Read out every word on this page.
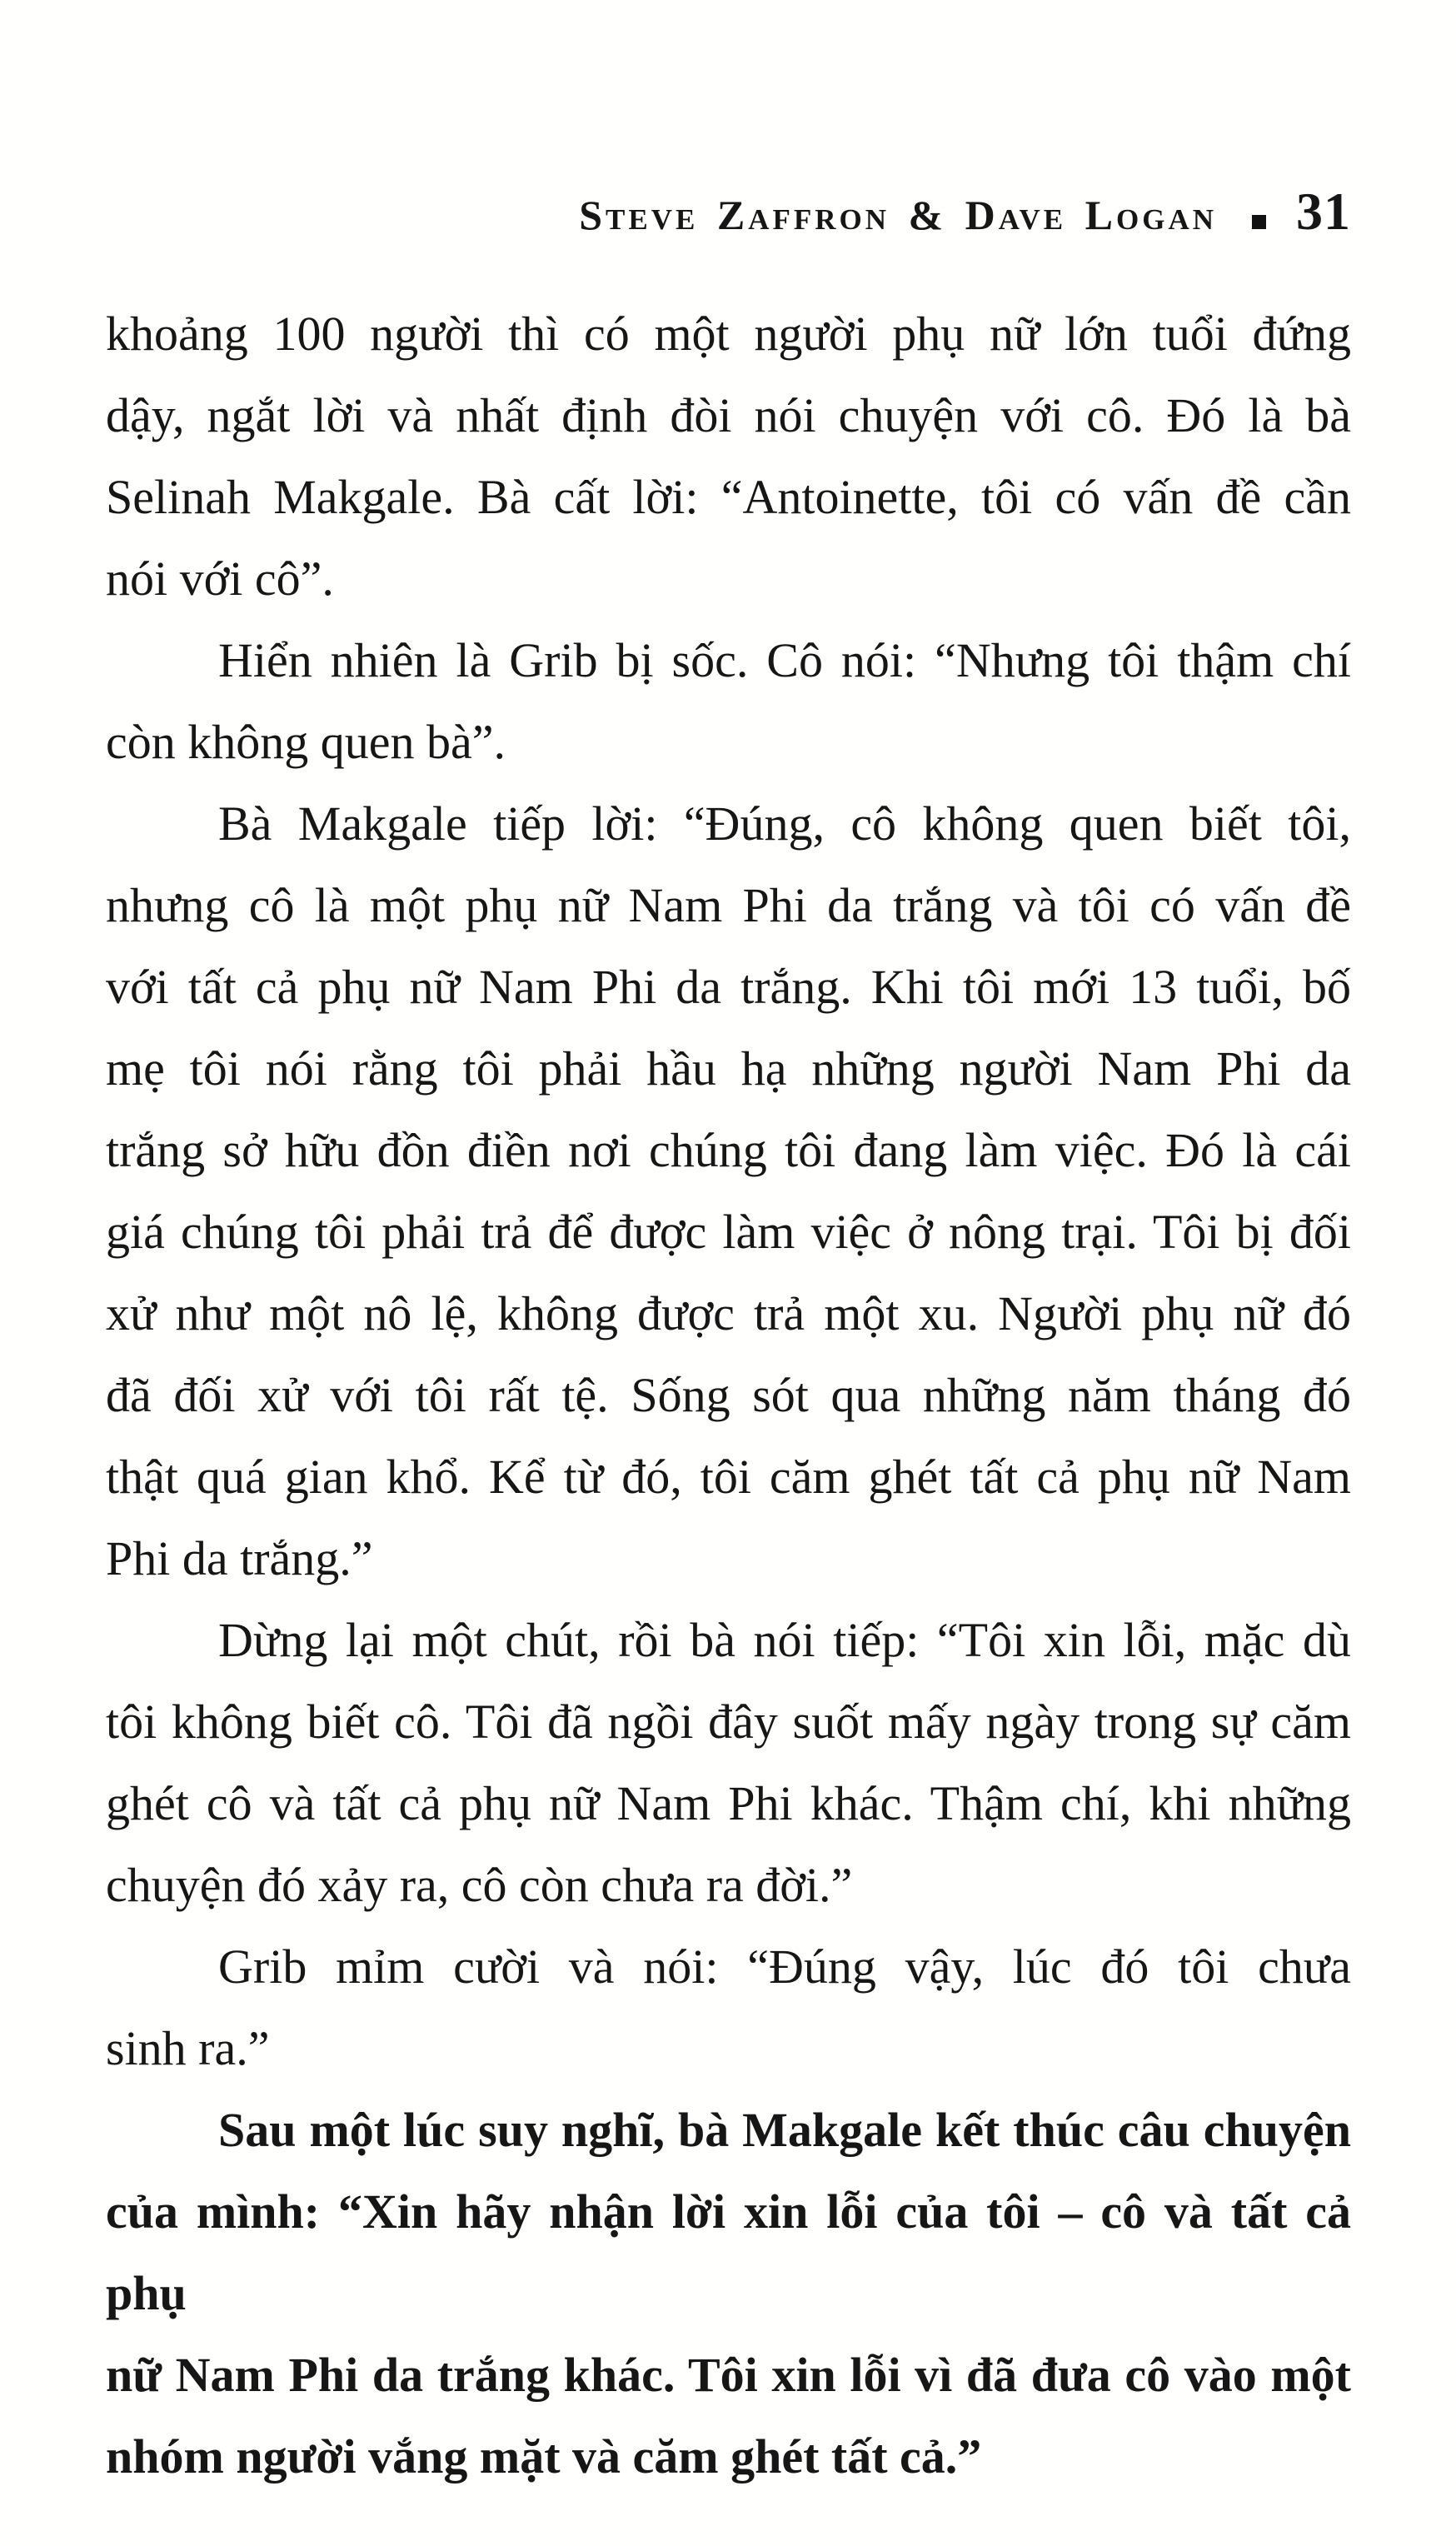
Steve Zaffron & Dave Logan 31
khoảng 100 người thì có một người phụ nữ lớn tuổi đứng
dậy, ngắt lời và nhất định đòi nói chuyện với cô. Đó là bà
Selinah Makgale. Bà cất lời: “Antoinette, tôi có vấn đề cần
nói với cô”.
Hiển nhiên là Grib bị sốc. Cô nói: “Nhưng tôi thậm chí
còn không quen bà”.
Bà Makgale tiếp lời: “Đúng, cô không quen biết tôi,
nhưng cô là một phụ nữ Nam Phi da trắng và tôi có vấn đề
với tất cả phụ nữ Nam Phi da trắng. Khi tôi mới 13 tuổi, bố
mẹ tôi nói rằng tôi phải hầu hạ những người Nam Phi da
trắng sở hữu đồn điền nơi chúng tôi đang làm việc. Đó là cái
giá chúng tôi phải trả để được làm việc ở nông trại. Tôi bị đối
xử như một nô lệ, không được trả một xu. Người phụ nữ đó
đã đối xử với tôi rất tệ. Sống sót qua những năm tháng đó
thật quá gian khổ. Kể từ đó, tôi căm ghét tất cả phụ nữ Nam
Phi da trắng.”
Dừng lại một chút, rồi bà nói tiếp: “Tôi xin lỗi, mặc dù
tôi không biết cô. Tôi đã ngồi đây suốt mấy ngày trong sự căm
ghét cô và tất cả phụ nữ Nam Phi khác. Thậm chí, khi những
chuyện đó xảy ra, cô còn chưa ra đời.”
Grib mỉm cười và nói: “Đúng vậy, lúc đó tôi chưa
sinh ra.”
Sau một lúc suy nghĩ, bà Makgale kết thúc câu chuyện
của mình: “Xin hãy nhận lời xin lỗi của tôi – cô và tất cả phụ
nữ Nam Phi da trắng khác. Tôi xin lỗi vì đã đưa cô vào một
nhóm người vắng mặt và căm ghét tất cả.”
